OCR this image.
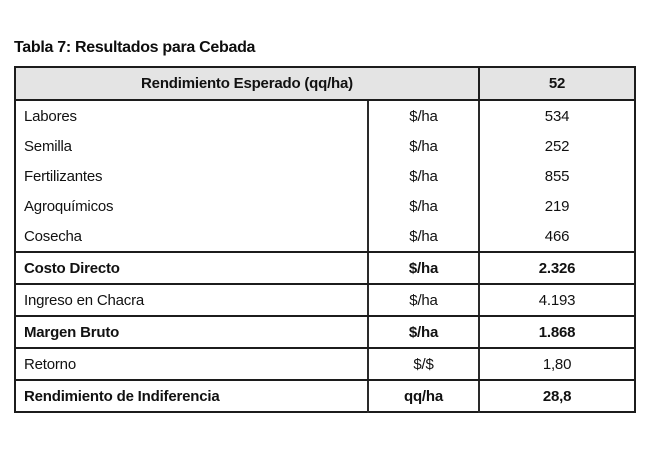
Tabla 7: Resultados para Cebada
Rendimiento Esperado (qq/ha)		52
Labores	$/ha	534
Semilla	$/ha	252
Fertilizantes	$/ha	855
Agroquímicos	$/ha	219
Cosecha	$/ha	466
Costo Directo	$/ha	2.326
Ingreso en Chacra	$/ha	4.193
Margen Bruto	$/ha	1.868
Retorno	$/$	1,80
Rendimiento de Indiferencia	qq/ha	28,8
